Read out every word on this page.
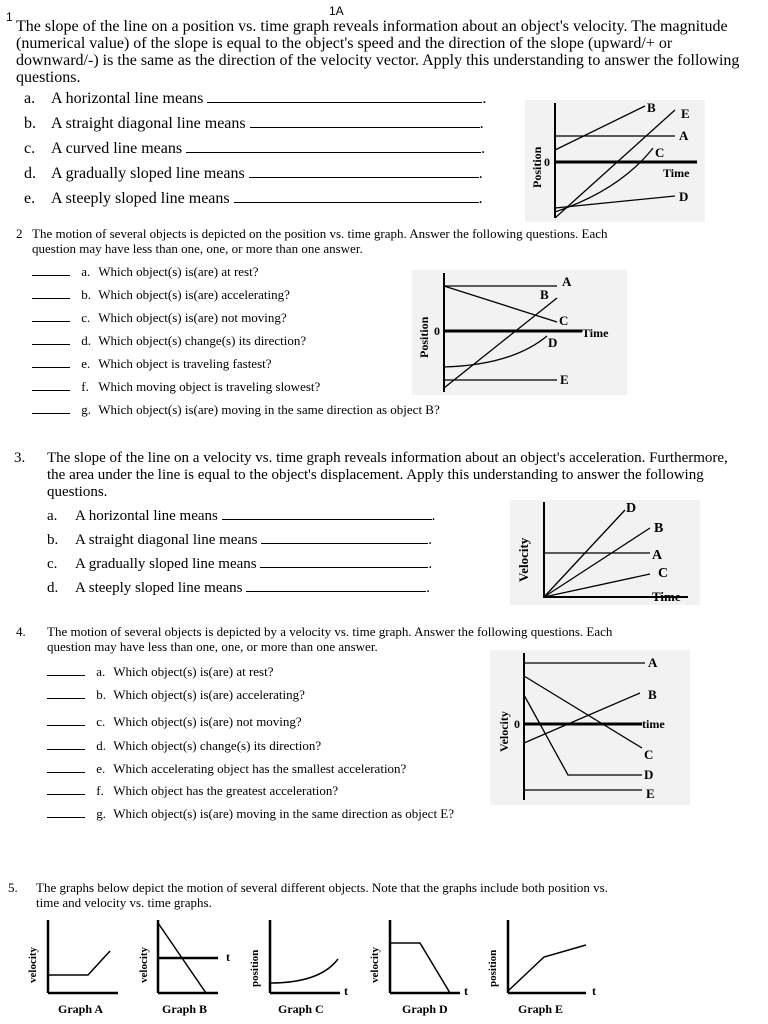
1A
1
The slope of the line on a position vs. time graph reveals information about an object's velocity. The magnitude (numerical value) of the slope is equal to the object's speed and the direction of the slope (upward/+ or downward/-) is the same as the direction of the velocity vector. Apply this understanding to answer the following questions.
a. A horizontal line means	.
b. A straight diagonal line means	.
c. A curved line means	.
d. A gradually sloped line means	.
e. A steeply sloped line means	.
B E
A
C
D
Time
0
Position
2 The motion of several objects is depicted on the position vs. time graph. Answer the following questions. Each question may have less than one, one, or more than one answer.
a. Which object(s) is(are) at rest?
b. Which object(s) is(are) accelerating?
c. Which object(s) is(are) not moving?
d. Which object(s) change(s) its direction?
e. Which object is traveling fastest?
f. Which moving object is traveling slowest?
g. Which object(s) is(are) moving in the same direction as object B?
A
B
C
D
E
Time
0
Position
3. The slope of the line on a velocity vs. time graph reveals information about an object's acceleration. Furthermore, the area under the line is equal to the object's displacement. Apply this understanding to answer the following questions.
a. A horizontal line means	.
b. A straight diagonal line means	.
c. A gradually sloped line means	.
d. A steeply sloped line means	.
D
B
A
C
Time
Velocity
4. The motion of several objects is depicted by a velocity vs. time graph. Answer the following questions. Each question may have less than one, one, or more than one answer.
a. Which object(s) is(are) at rest?
b. Which object(s) is(are) accelerating?
c. Which object(s) is(are) not moving?
d. Which object(s) change(s) its direction?
e. Which accelerating object has the smallest acceleration?
f. Which object has the greatest acceleration?
g. Which object(s) is(are) moving in the same direction as object E?
A
B
C
D
E
time
0
Velocity
5. The graphs below depict the motion of several different objects. Note that the graphs include both position vs. time and velocity vs. time graphs.
velocity
Graph A
t
velocity
Graph B
t
position
Graph C
t
velocity
Graph D
t
position
Graph E
